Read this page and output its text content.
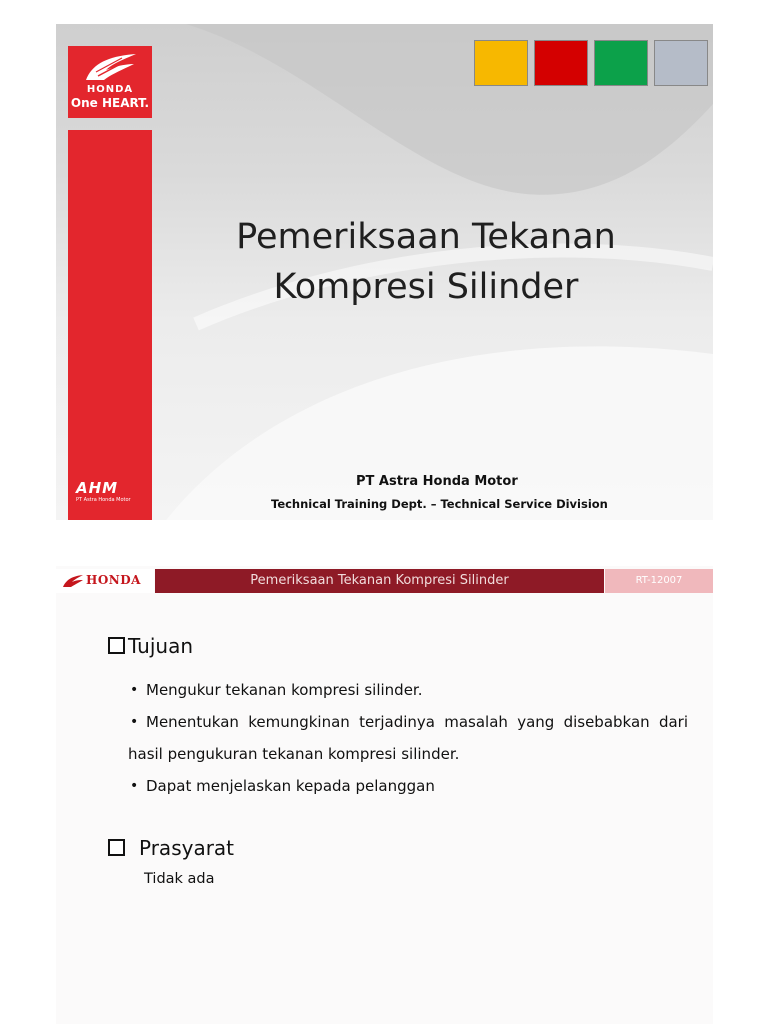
HONDA
One HEART.
AHM
PT Astra Honda Motor
Pemeriksaan Tekanan
Kompresi Silinder
PT Astra Honda Motor
Technical Training Dept. – Technical Service Division
HONDA	Pemeriksaan Tekanan Kompresi Silinder	RT-12007
Tujuan
• Mengukur tekanan kompresi silinder.
• Menentukan kemungkinan terjadinya masalah yang disebabkan dari
hasil pengukuran tekanan kompresi silinder.
• Dapat menjelaskan kepada pelanggan
Prasyarat
Tidak ada
